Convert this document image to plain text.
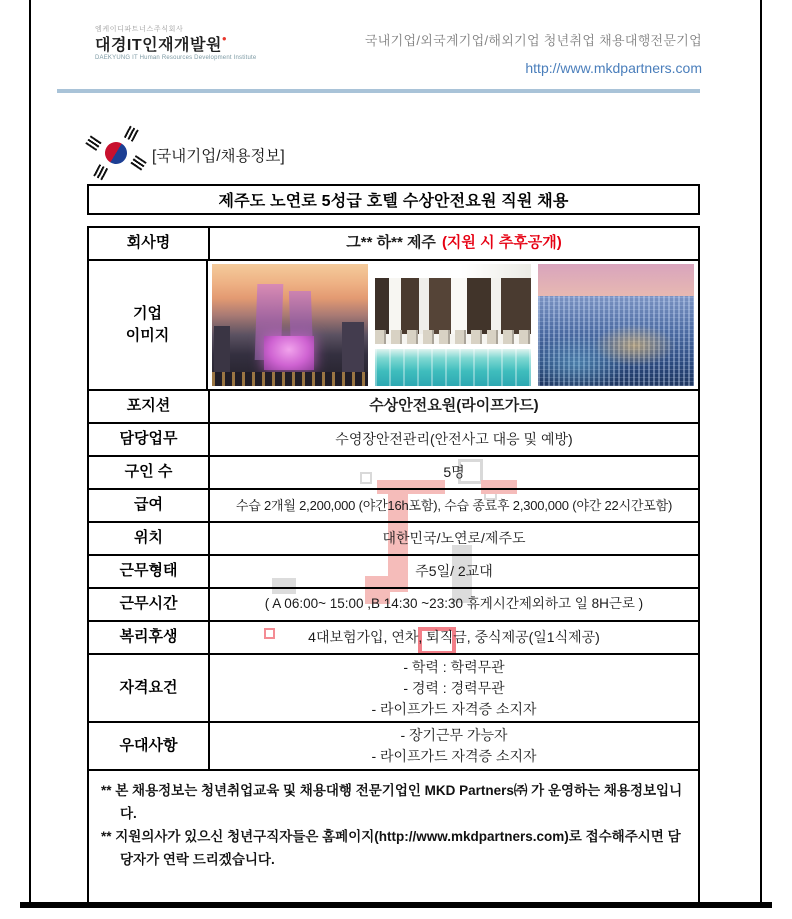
엠케이디파트너스주식회사
대경IT인재개발원●
DAEKYUNG IT Human Resources Development Institute
국내기업/외국계기업/해외기업 청년취업 채용대행전문기업
http://www.mkdpartners.com
[국내기업/채용정보]
제주도 노연로 5성급 호텔 수상안전요원 직원 채용
회사명	그** 하** 제주 (지원 시 추후공개)
기업
이미지
포지션	수상안전요원(라이프가드)
담당업무	수영장안전관리(안전사고 대응 및 예방)
구인 수	5명
급여	수습 2개월 2,200,000 (야간16h포함), 수습 종료후 2,300,000 (야간 22시간포함)
위치	대한민국/노연로/제주도
근무형태	주5일/ 2교대
근무시간	( A 06:00~ 15:00 ,B 14:30 ~23:30 휴게시간제외하고 일 8H근로 )
복리후생	4대보험가입, 연차, 퇴직금, 중식제공(일1식제공)
자격요건
- 학력 : 학력무관
- 경력 : 경력무관
- 라이프가드 자격증 소지자
우대사항
- 장기근무 가능자
- 라이프가드 자격증 소지자

** 본 채용정보는 청년취업교육 및 채용대행 전문기업인 MKD Partners㈜ 가 운영하는 채용정보입니다.

** 지원의사가 있으신 청년구직자들은 홈페이지(http://www.mkdpartners.com)로 접수해주시면 담당자가 연락 드리겠습니다.
